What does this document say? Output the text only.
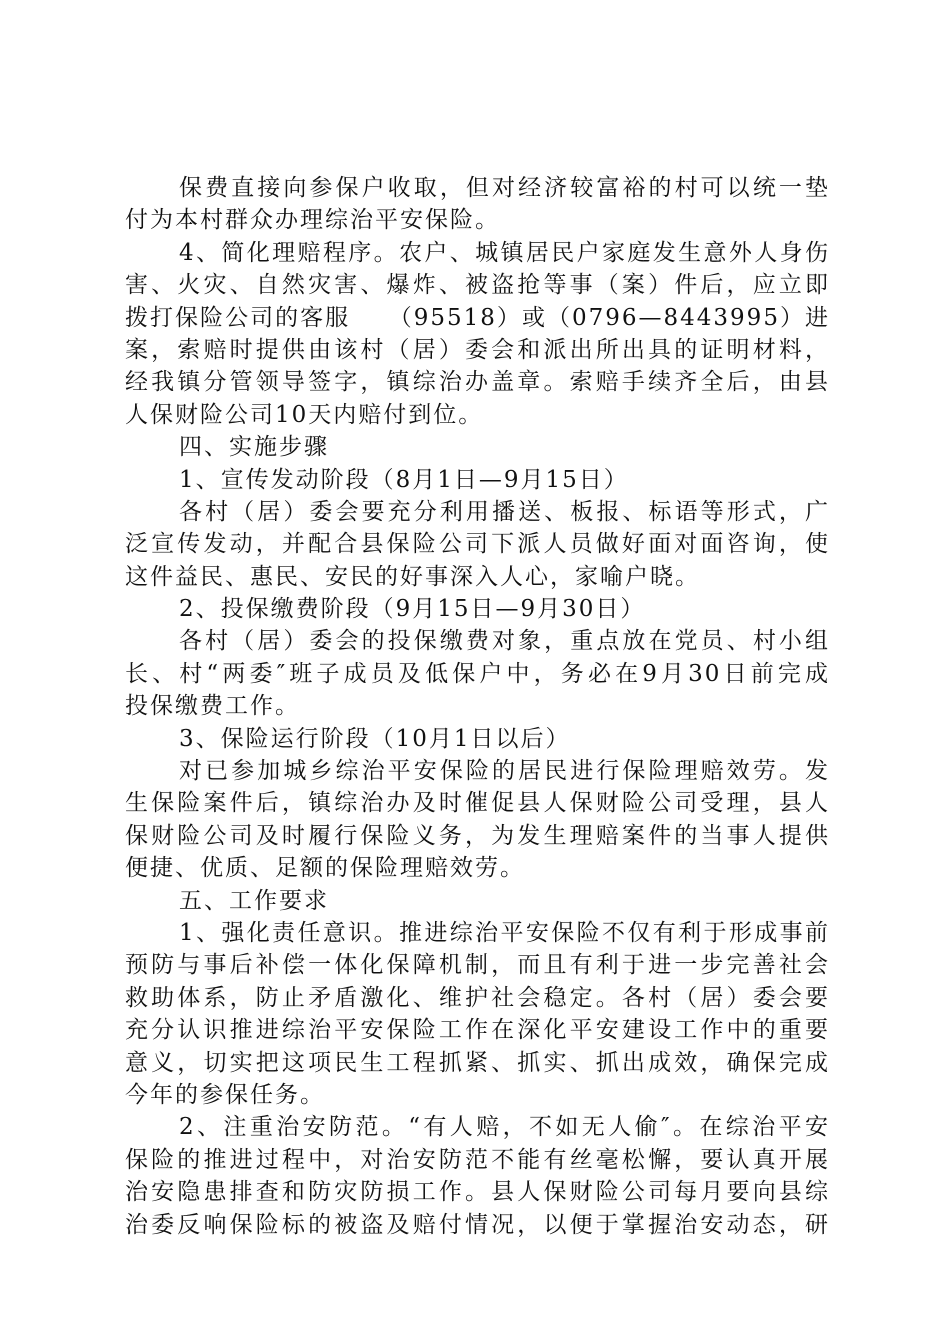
保费直接向参保户收取，但对经济较富裕的村可以统一垫
付为本村群众办理综治平安保险。
4、简化理赔程序。农户、城镇居民户家庭发生意外人身伤
害、火灾、自然灾害、爆炸、被盗抢等事（案）件后，应立即
拨打保险公司的客服　　（95518）或（0796—8443995）进
案，索赔时提供由该村（居）委会和派出所出具的证明材料，
经我镇分管领导签字，镇综治办盖章。索赔手续齐全后，由县
人保财险公司10天内赔付到位。
四、实施步骤
1、宣传发动阶段（8月1日—9月15日）
各村（居）委会要充分利用播送、板报、标语等形式，广
泛宣传发动，并配合县保险公司下派人员做好面对面咨询，使
这件益民、惠民、安民的好事深入人心，家喻户晓。
2、投保缴费阶段（9月15日—9月30日）
各村（居）委会的投保缴费对象，重点放在党员、村小组
长、村“两委″班子成员及低保户中，务必在9月30日前完成
投保缴费工作。
3、保险运行阶段（10月1日以后）
对已参加城乡综治平安保险的居民进行保险理赔效劳。发
生保险案件后，镇综治办及时催促县人保财险公司受理，县人
保财险公司及时履行保险义务，为发生理赔案件的当事人提供
便捷、优质、足额的保险理赔效劳。
五、工作要求
1、强化责任意识。推进综治平安保险不仅有利于形成事前
预防与事后补偿一体化保障机制，而且有利于进一步完善社会
救助体系，防止矛盾激化、维护社会稳定。各村（居）委会要
充分认识推进综治平安保险工作在深化平安建设工作中的重要
意义，切实把这项民生工程抓紧、抓实、抓出成效，确保完成
今年的参保任务。
2、注重治安防范。“有人赔，不如无人偷″。在综治平安
保险的推进过程中，对治安防范不能有丝毫松懈，要认真开展
治安隐患排查和防灾防损工作。县人保财险公司每月要向县综
治委反响保险标的被盗及赔付情况，以便于掌握治安动态，研
